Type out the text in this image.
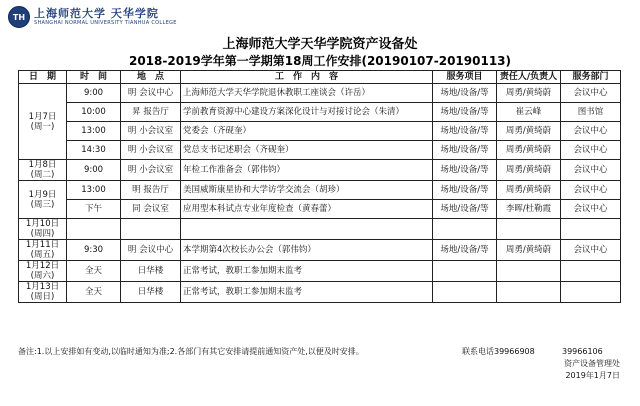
TH 上海师范大学 天华学院
SHANGHAI NORMAL UNIVERSITY TIANHUA COLLEGE
上海师范大学天华学院资产设备处
2018-2019学年第一学期第18周工作安排(20190107-20190113)
日　期	时　间	地　点	工　作　内　容	服务项目	责任人/负责人	服务部门

1月7日
(周一)	9:00	明 会议中心	上海师范大学天华学院退休教职工座谈会（许岳）	场地/设备/等	周勇/黄绮蔚	会议中心
	10:00	昇 报告厅	学前教育资源中心建设方案深化设计与对接讨论会（朱清）	场地/设备/等	崔云峰	图书馆
	13:00	明 小会议室	党委会（齐砚奎）	场地/设备/等	周勇/黄绮蔚	会议中心
	14:30	明 小会议室	党总支书记述职会（齐砚奎）	场地/设备/等	周勇/黄绮蔚	会议中心

1月8日
(周二)	9:00	明 小会议室	年检工作准备会（郭伟钧）	场地/设备/等	周勇/黄绮蔚	会议中心

1月9日
(周三)	13:00	明 报告厅	美国威斯康星协和大学访学交流会（胡珍）	场地/设备/等	周勇/黄绮蔚	会议中心
	下午	同 会议室	应用型本科试点专业年度检查（黄春蕾）	场地/设备/等	李晖/杜勒霞	会议中心

1月10日
(周四)						

1月11日
(周五)	9:30	明 会议中心	本学期第4次校长办公会（郭伟钧）	场地/设备/等	周勇/黄绮蔚	会议中心

1月12日
(周六)	全天	日华楼	正常考试，教职工参加期末监考			

1月13日
(周日)	全天	日华楼	正常考试，教职工参加期末监考			
备注:1.以上安排如有变动,以临时通知为准;2.各部门有其它安排请提前通知资产处,以便及时安排。	联系电话39966908	39966106
资产设备管理处
2019年1月7日
